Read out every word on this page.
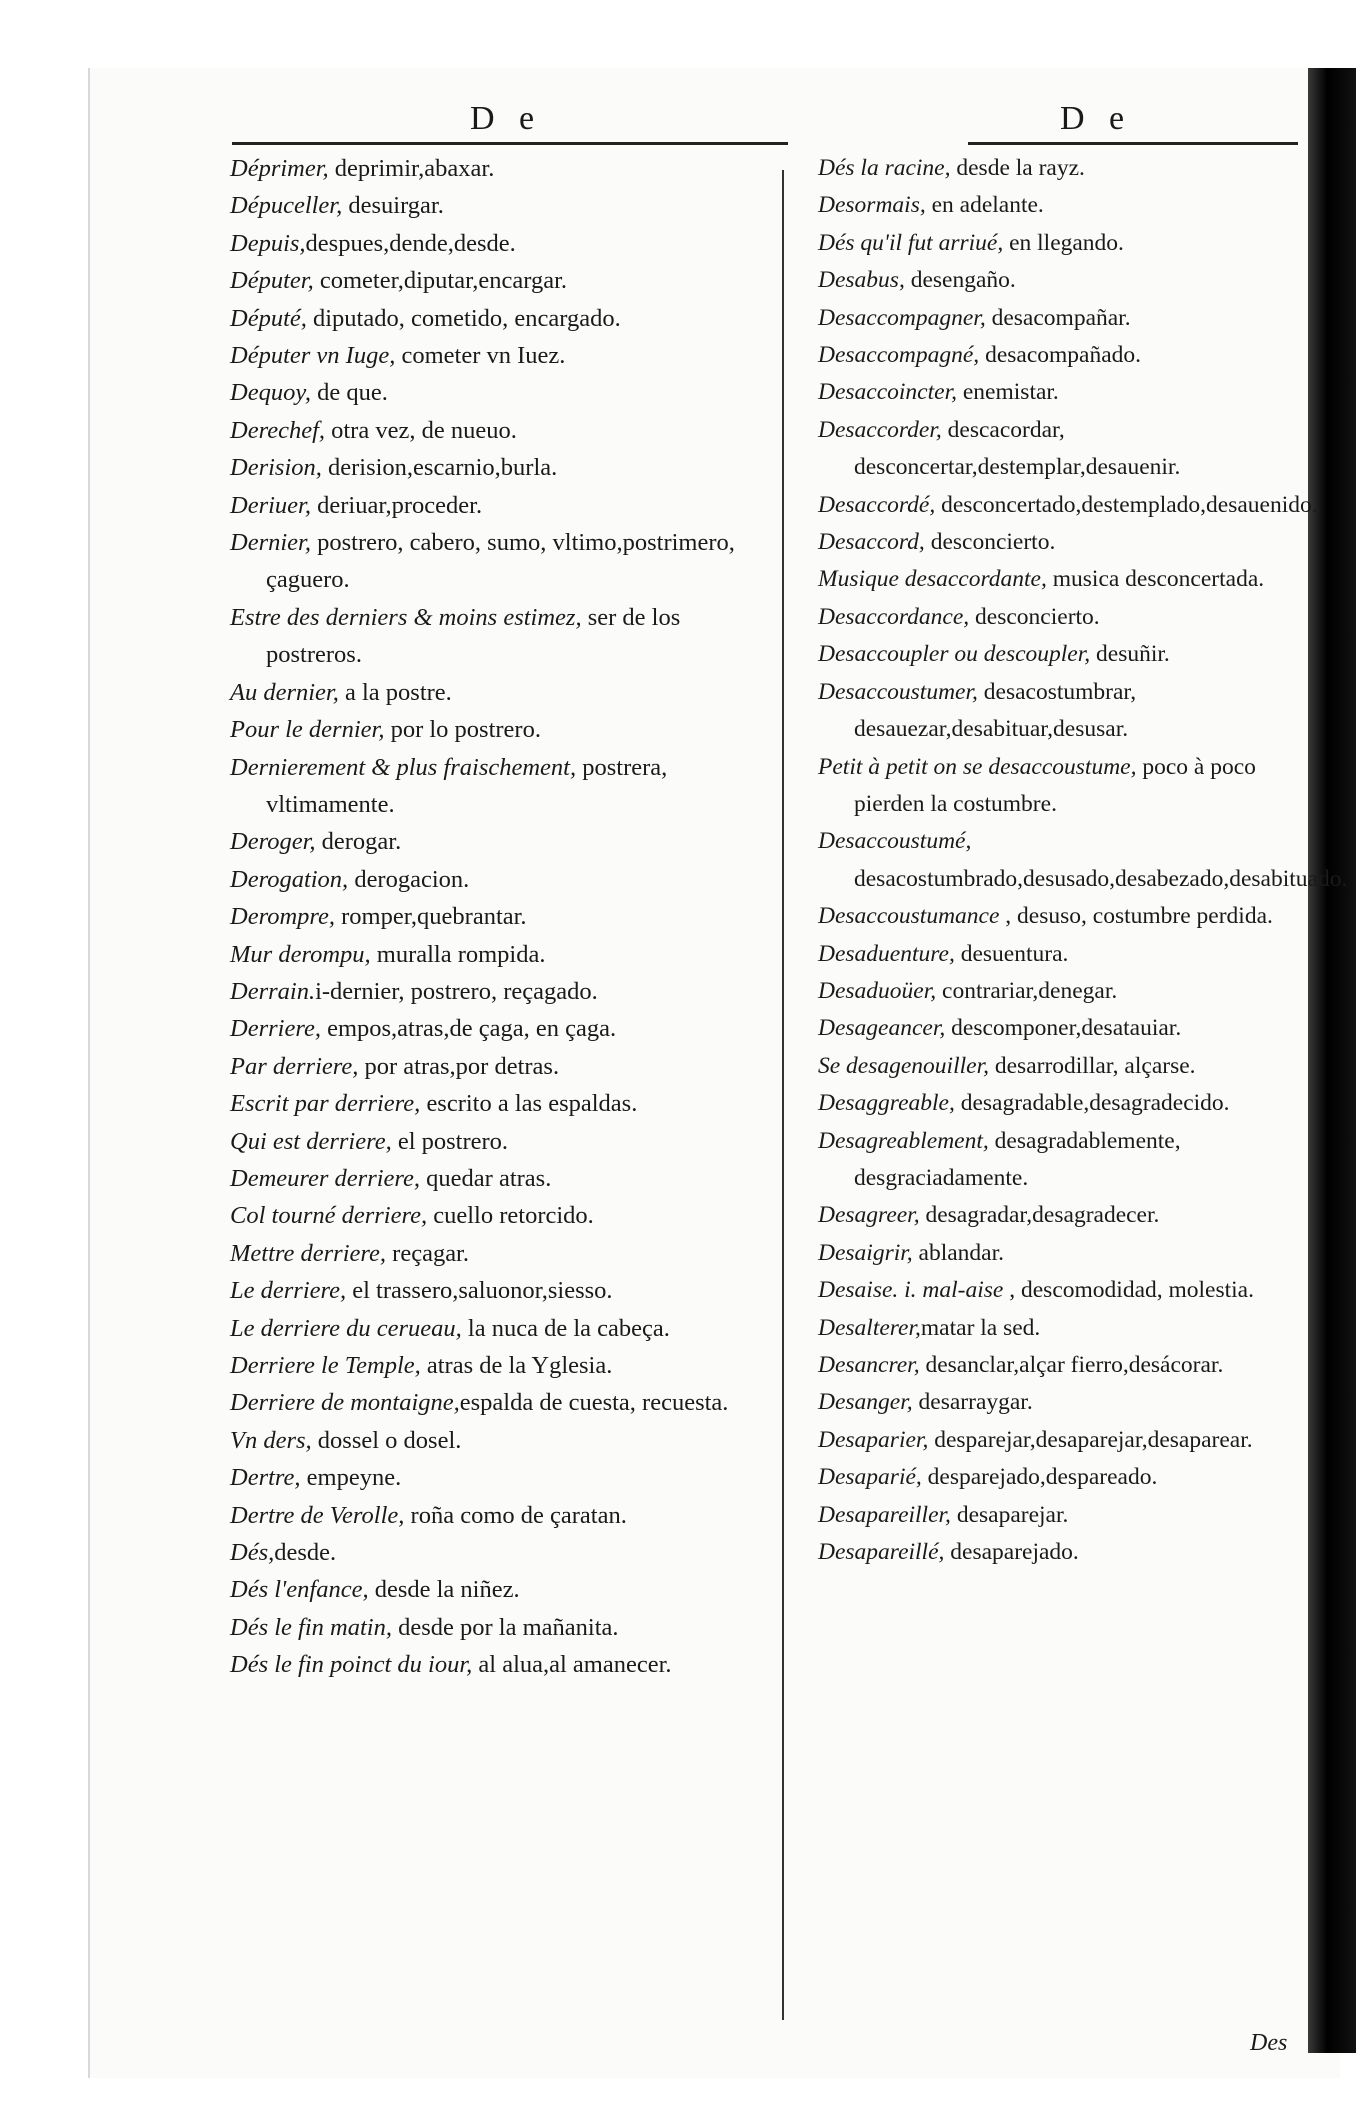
D e	D e
Déprimer, deprimir,abaxar.
Dépuceller, desuirgar.
Depuis,despues,dende,desde.
Députer, cometer,diputar,encargar.
Député, diputado, cometido, encargado.
Députer vn Iuge, cometer vn Iuez.
Dequoy, de que.
Derechef, otra vez, de nueuo.
Derision, derision,escarnio,burla.
Deriuer, deriuar,proceder.
Dernier, postrero, cabero, sumo, vltimo,postrimero, çaguero.
Estre des derniers & moins estimez, ser de los postreros.
Au dernier, a la postre.
Pour le dernier, por lo postrero.
Dernierement & plus fraischement, postrera, vltimamente.
Deroger, derogar.
Derogation, derogacion.
Derompre, romper,quebrantar.
Mur derompu, muralla rompida.
Derrain.i-dernier, postrero, reçagado.
Derriere, empos,atras,de çaga, en çaga.
Par derriere, por atras,por detras.
Escrit par derriere, escrito a las espaldas.
Qui est derriere, el postrero.
Demeurer derriere, quedar atras.
Col tourné derriere, cuello retorcido.
Mettre derriere, reçagar.
Le derriere, el trassero,saluonor,siesso.
Le derriere du cerueau, la nuca de la cabeça.
Derriere le Temple, atras de la Yglesia.
Derriere de montaigne,espalda de cuesta, recuesta.
Vn ders, dossel o dosel.
Dertre, empeyne.
Dertre de Verolle, roña como de çaratan.
Dés,desde.
Dés l'enfance, desde la niñez.
Dés le fin matin, desde por la mañanita.
Dés le fin poinct du iour, al alua,al amanecer.
Dés la racine, desde la rayz.
Desormais, en adelante.
Dés qu'il fut arriué, en llegando.
Desabus, desengaño.
Desaccompagner, desacompañar.
Desaccompagné, desacompañado.
Desaccoincter, enemistar.
Desaccorder, descacordar, desconcertar,destemplar,desauenir.
Desaccordé, desconcertado,destemplado,desauenido.
Desaccord, desconcierto.
Musique desaccordante, musica desconcertada.
Desaccordance, desconcierto.
Desaccoupler ou descoupler, desuñir.
Desaccoustumer, desacostumbrar, desauezar,desabituar,desusar.
Petit à petit on se desaccoustume, poco à poco pierden la costumbre.
Desaccoustumé, desacostumbrado,desusado,desabezado,desabituado.
Desaccoustumance , desuso, costumbre perdida.
Desaduenture, desuentura.
Desaduoüer, contrariar,denegar.
Desageancer, descomponer,desatauiar.
Se desagenouiller, desarrodillar, alçarse.
Desaggreable, desagradable,desagradecido.
Desagreablement, desagradablemente, desgraciadamente.
Desagreer, desagradar,desagradecer.
Desaigrir, ablandar.
Desaise. i. mal-aise , descomodidad, molestia.
Desalterer,matar la sed.
Desancrer, desanclar,alçar fierro,desácorar.
Desanger, desarraygar.
Desaparier, desparejar,desaparejar,desaparear.
Desaparié, desparejado,despareado.
Desapareiller, desaparejar.
Desapareillé, desaparejado.
Des
